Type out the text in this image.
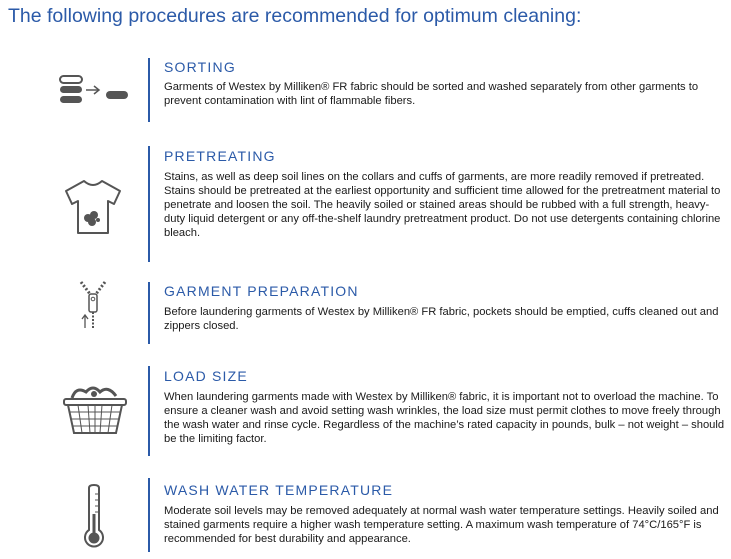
The following procedures are recommended for optimum cleaning:
SORTING
Garments of Westex by Milliken® FR fabric should be sorted and washed separately from other garments to prevent contamination with lint of flammable fibers.
PRETREATING
Stains, as well as deep soil lines on the collars and cuffs of garments, are more readily removed if pretreated. Stains should be pretreated at the earliest opportunity and sufficient time allowed for the pretreatment material to penetrate and loosen the soil. The heavily soiled or stained areas should be rubbed with a full strength, heavy-duty liquid detergent or any off-the-shelf laundry pretreatment product. Do not use detergents containing chlorine bleach.
GARMENT PREPARATION
Before laundering garments of Westex by Milliken® FR fabric, pockets should be emptied, cuffs cleaned out and zippers closed.
LOAD SIZE
When laundering garments made with Westex by Milliken® fabric, it is important not to overload the machine. To ensure a cleaner wash and avoid setting wash wrinkles, the load size must permit clothes to move freely through the wash water and rinse cycle. Regardless of the machine’s rated capacity in pounds, bulk – not weight – should be the limiting factor.
WASH WATER TEMPERATURE
Moderate soil levels may be removed adequately at normal wash water temperature settings. Heavily soiled and stained garments require a higher wash temperature setting. A maximum wash temperature of 74°C/165°F is recommended for best durability and appearance.
